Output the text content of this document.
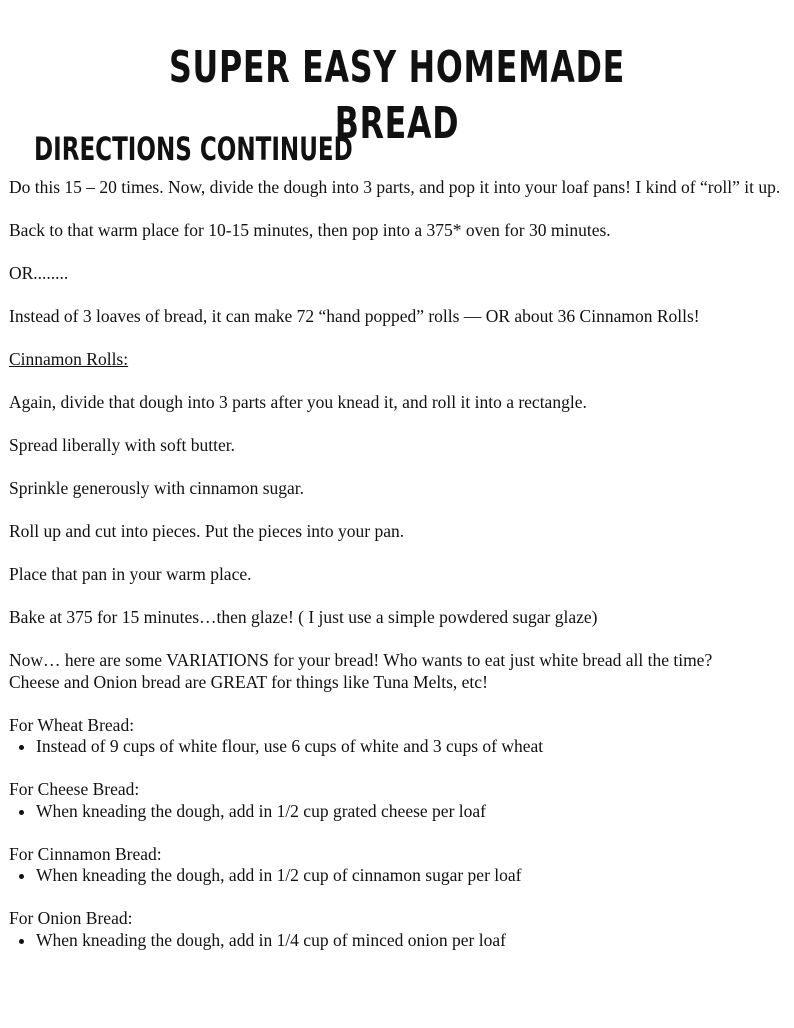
SUPER EASY HOMEMADE BREAD
DIRECTIONS CONTINUED

Do this 15 – 20 times. Now, divide the dough into 3 parts, and pop it into your loaf pans! I kind of “roll” it up.

Back to that warm place for 10-15 minutes, then pop into a 375* oven for 30 minutes.

OR........

Instead of 3 loaves of bread, it can make 72 “hand popped” rolls — OR about 36 Cinnamon Rolls!

Cinnamon Rolls:

Again, divide that dough into 3 parts after you knead it, and roll it into a rectangle.

Spread liberally with soft butter.

Sprinkle generously with cinnamon sugar.

Roll up and cut into pieces. Put the pieces into your pan.

Place that pan in your warm place.

Bake at 375 for 15 minutes…then glaze! ( I just use a simple powdered sugar glaze)

Now… here are some VARIATIONS for your bread! Who wants to eat just white bread all the time?

Cheese and Onion bread are GREAT for things like Tuna Melts, etc!

For Wheat Bread:

• Instead of 9 cups of white flour, use 6 cups of white and 3 cups of wheat

For Cheese Bread:

• When kneading the dough, add in 1/2 cup grated cheese per loaf

For Cinnamon Bread:

• When kneading the dough, add in 1/2 cup of cinnamon sugar per loaf

For Onion Bread:

• When kneading the dough, add in 1/4 cup of minced onion per loaf
